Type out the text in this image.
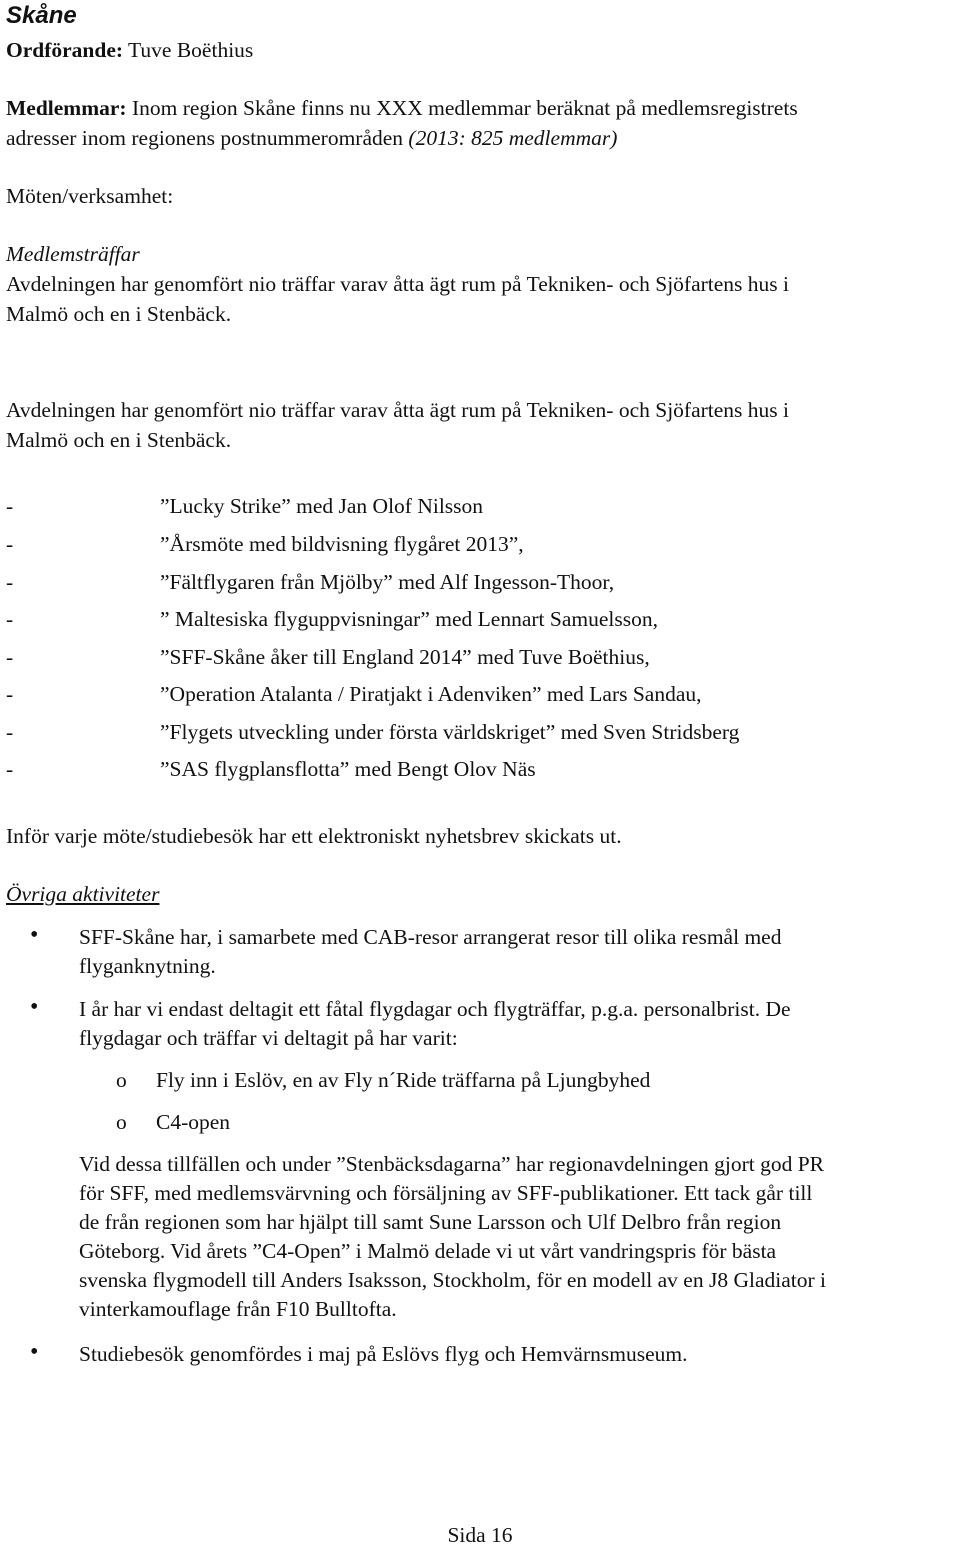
Skåne
Ordförande: Tuve Boëthius
Medlemmar: Inom region Skåne finns nu XXX medlemmar beräknat på medlemsregistrets
adresser inom regionens postnummerområden (2013: 825 medlemmar)
Möten/verksamhet:
Medlemsträffar
Avdelningen har genomfört nio träffar varav åtta ägt rum på Tekniken- och Sjöfartens hus i
Malmö och en i Stenbäck.
Avdelningen har genomfört nio träffar varav åtta ägt rum på Tekniken- och Sjöfartens hus i
Malmö och en i Stenbäck.
-	”Lucky Strike” med Jan Olof Nilsson
-	”Årsmöte med bildvisning flygåret 2013”,
-	”Fältflygaren från Mjölby” med Alf Ingesson-Thoor,
-	” Maltesiska flyguppvisningar” med Lennart Samuelsson,
-	”SFF-Skåne åker till England 2014” med Tuve Boëthius,
-	”Operation Atalanta / Piratjakt i Adenviken” med Lars Sandau,
-	”Flygets utveckling under första världskriget” med Sven Stridsberg
-	”SAS flygplansflotta” med Bengt Olov Näs
Inför varje möte/studiebesök har ett elektroniskt nyhetsbrev skickats ut.
Övriga aktiviteter
• SFF-Skåne har, i samarbete med CAB-resor arrangerat resor till olika resmål med
flyganknytning.
• I år har vi endast deltagit ett fåtal flygdagar och flygträffar, p.g.a. personalbrist. De
flygdagar och träffar vi deltagit på har varit:
o Fly inn i Eslöv, en av Fly n´Ride träffarna på Ljungbyhed
o C4-open
Vid dessa tillfällen och under ”Stenbäcksdagarna” har regionavdelningen gjort god PR
för SFF, med medlemsvärvning och försäljning av SFF-publikationer. Ett tack går till
de från regionen som har hjälpt till samt Sune Larsson och Ulf Delbro från region
Göteborg. Vid årets ”C4-Open” i Malmö delade vi ut vårt vandringspris för bästa
svenska flygmodell till Anders Isaksson, Stockholm, för en modell av en J8 Gladiator i
vinterkamouflage från F10 Bulltofta.
• Studiebesök genomfördes i maj på Eslövs flyg och Hemvärnsmuseum.
Sida 16
